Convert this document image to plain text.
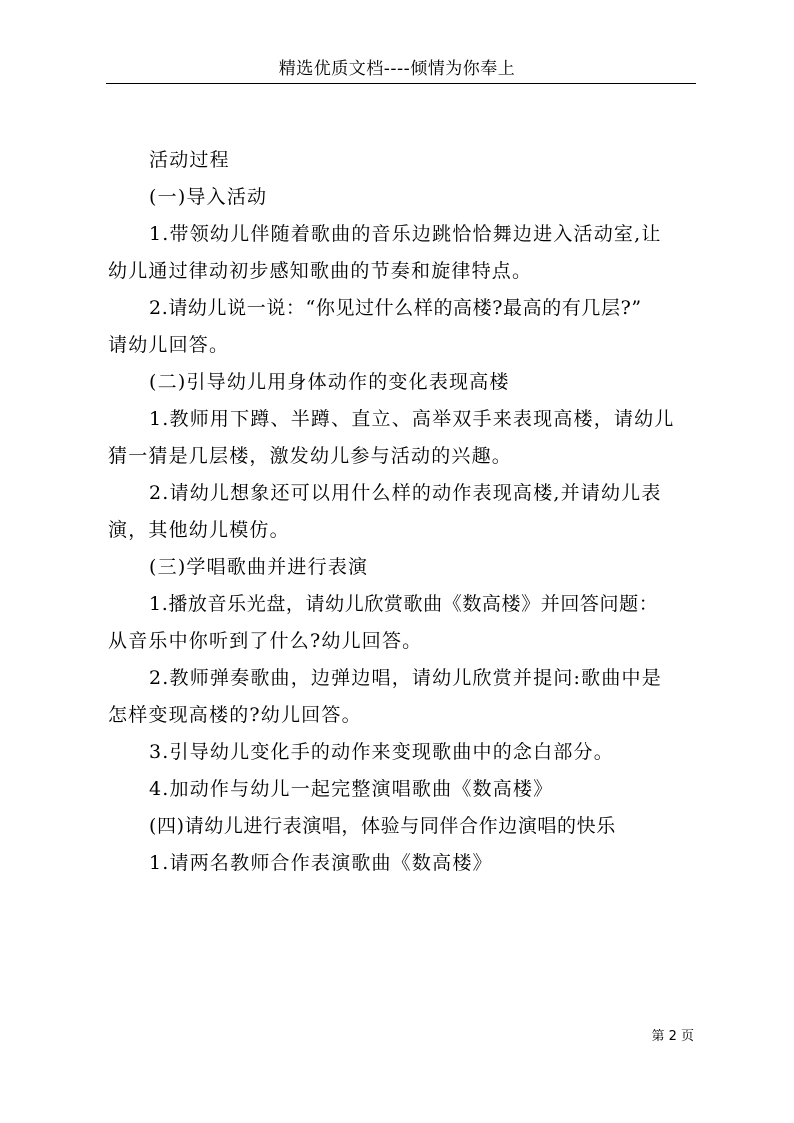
精选优质文档----倾情为你奉上

活动过程

(一)导入活动

1.带领幼儿伴随着歌曲的音乐边跳恰恰舞边进入活动室,让

幼儿通过律动初步感知歌曲的节奏和旋律特点。

2.请幼儿说一说：“你见过什么样的高楼?最高的有几层?”

请幼儿回答。

(二)引导幼儿用身体动作的变化表现高楼

1.教师用下蹲、半蹲、直立、高举双手来表现高楼，请幼儿

猜一猜是几层楼，激发幼儿参与活动的兴趣。

2.请幼儿想象还可以用什么样的动作表现高楼,并请幼儿表

演，其他幼儿模仿。

(三)学唱歌曲并进行表演

1.播放音乐光盘，请幼儿欣赏歌曲《数高楼》并回答问题：

从音乐中你听到了什么?幼儿回答。

2.教师弹奏歌曲，边弹边唱，请幼儿欣赏并提问:歌曲中是

怎样变现高楼的?幼儿回答。

3.引导幼儿变化手的动作来变现歌曲中的念白部分。

4.加动作与幼儿一起完整演唱歌曲《数高楼》

(四)请幼儿进行表演唱，体验与同伴合作边演唱的快乐

1.请两名教师合作表演歌曲《数高楼》

第 2 页
